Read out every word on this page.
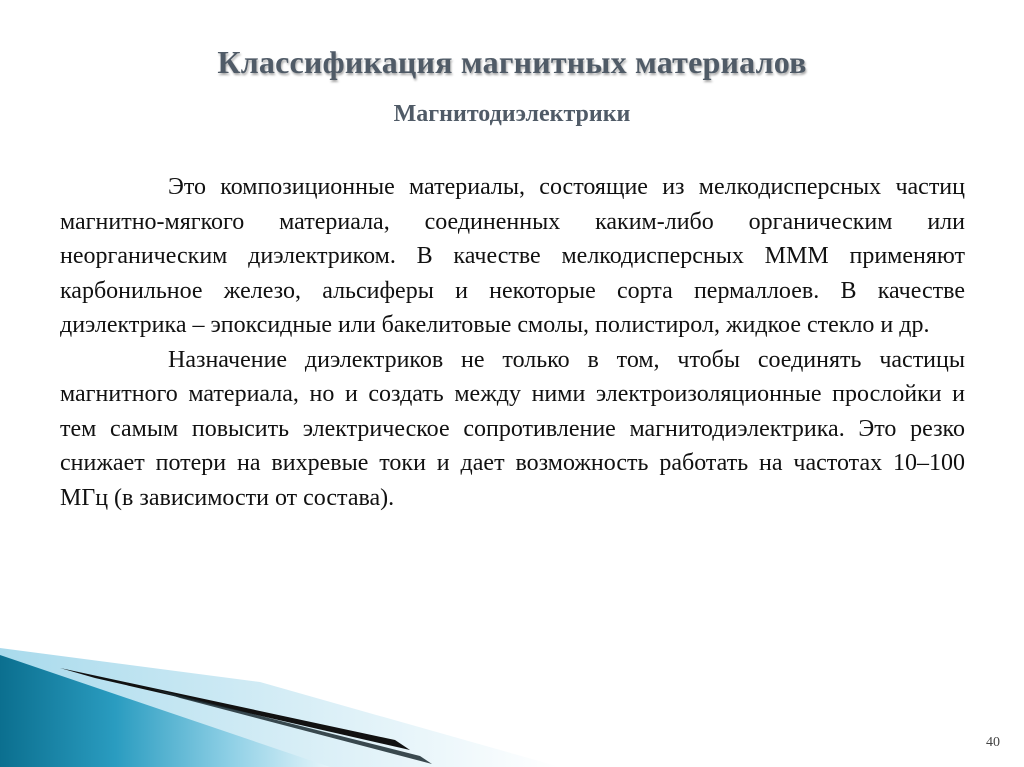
Классификация магнитных материалов
Магнитодиэлектрики

Это композиционные материалы, состоящие из мелкодисперсных частиц магнитно-мягкого материала, соединенных каким-либо органическим или неорганическим диэлектриком. В качестве мелкодисперсных МММ применяют карбонильное железо, альсиферы и некоторые сорта пермаллоев. В качестве диэлектрика – эпоксидные или бакелитовые смолы, полистирол, жидкое стекло и др.

Назначение диэлектриков не только в том, чтобы соединять частицы магнитного материала, но и создать между ними электроизоляционные прослойки и тем самым повысить электрическое сопротивление магнитодиэлектрика. Это резко снижает потери на вихревые токи и дает возможность работать на частотах 10–100 МГц (в зависимости от состава).

40
